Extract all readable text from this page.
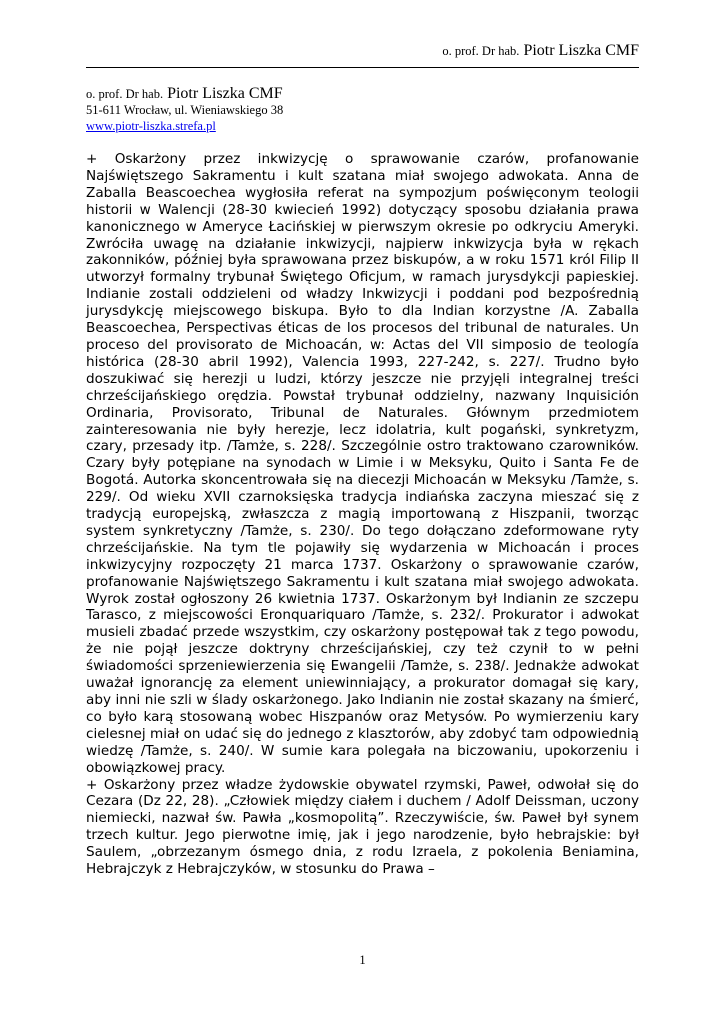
o. prof. Dr hab. Piotr Liszka CMF
o. prof. Dr hab. Piotr Liszka CMF
51-611 Wrocław, ul. Wieniawskiego 38
www.piotr-liszka.strefa.pl

+ Oskarżony przez inkwizycję o sprawowanie czarów, profanowanie Najświętszego Sakramentu i kult szatana miał swojego adwokata. Anna de Zaballa Beascoechea wygłosiła referat na sympozjum poświęconym teologii historii w Walencji (28-30 kwiecień 1992) dotyczący sposobu działania prawa kanonicznego w Ameryce Łacińskiej w pierwszym okresie po odkryciu Ameryki. Zwróciła uwagę na działanie inkwizycji, najpierw inkwizycja była w rękach zakonników, później była sprawowana przez biskupów, a w roku 1571 król Filip II utworzył formalny trybunał Świętego Oficjum, w ramach jurysdykcji papieskiej. Indianie zostali oddzieleni od władzy Inkwizycji i poddani pod bezpośrednią jurysdykcję miejscowego biskupa. Było to dla Indian korzystne /A. Zaballa Beascoechea, Perspectivas éticas de los procesos del tribunal de naturales. Un proceso del provisorato de Michoacán, w: Actas del VII simposio de teología histórica (28-30 abril 1992), Valencia 1993, 227-242, s. 227/. Trudno było doszukiwać się herezji u ludzi, którzy jeszcze nie przyjęli integralnej treści chrześcijańskiego orędzia. Powstał trybunał oddzielny, nazwany Inquisición Ordinaria, Provisorato, Tribunal de Naturales. Głównym przedmiotem zainteresowania nie były herezje, lecz idolatria, kult pogański, synkretyzm, czary, przesady itp. /Tamże, s. 228/. Szczególnie ostro traktowano czarowników. Czary były potępiane na synodach w Limie i w Meksyku, Quito i Santa Fe de Bogotá. Autorka skoncentrowała się na diecezji Michoacán w Meksyku /Tamże, s. 229/. Od wieku XVII czarnoksięska tradycja indiańska zaczyna mieszać się z tradycją europejską, zwłaszcza z magią importowaną z Hiszpanii, tworząc system synkretyczny /Tamże, s. 230/. Do tego dołączano zdeformowane ryty chrześcijańskie. Na tym tle pojawiły się wydarzenia w Michoacán i proces inkwizycyjny rozpoczęty 21 marca 1737. Oskarżony o sprawowanie czarów, profanowanie Najświętszego Sakramentu i kult szatana miał swojego adwokata. Wyrok został ogłoszony 26 kwietnia 1737. Oskarżonym był Indianin ze szczepu Tarasco, z miejscowości Eronquariquaro /Tamże, s. 232/. Prokurator i adwokat musieli zbadać przede wszystkim, czy oskarżony postępował tak z tego powodu, że nie pojął jeszcze doktryny chrześcijańskiej, czy też czynił to w pełni świadomości sprzeniewierzenia się Ewangelii /Tamże, s. 238/. Jednakże adwokat uważał ignorancję za element uniewinniający, a prokurator domagał się kary, aby inni nie szli w ślady oskarżonego. Jako Indianin nie został skazany na śmierć, co było karą stosowaną wobec Hiszpanów oraz Metysów. Po wymierzeniu kary cielesnej miał on udać się do jednego z klasztorów, aby zdobyć tam odpowiednią wiedzę /Tamże, s. 240/. W sumie kara polegała na biczowaniu, upokorzeniu i obowiązkowej pracy.

+ Oskarżony przez władze żydowskie obywatel rzymski, Paweł, odwołał się do Cezara (Dz 22, 28). „Człowiek między ciałem i duchem / Adolf Deissman, uczony niemiecki, nazwał św. Pawła „kosmopolitą”. Rzeczywiście, św. Paweł był synem trzech kultur. Jego pierwotne imię, jak i jego narodzenie, było hebrajskie: był Saulem, „obrzezanym ósmego dnia, z rodu Izraela, z pokolenia Beniamina, Hebrajczyk z Hebrajczyków, w stosunku do Prawa –

1
